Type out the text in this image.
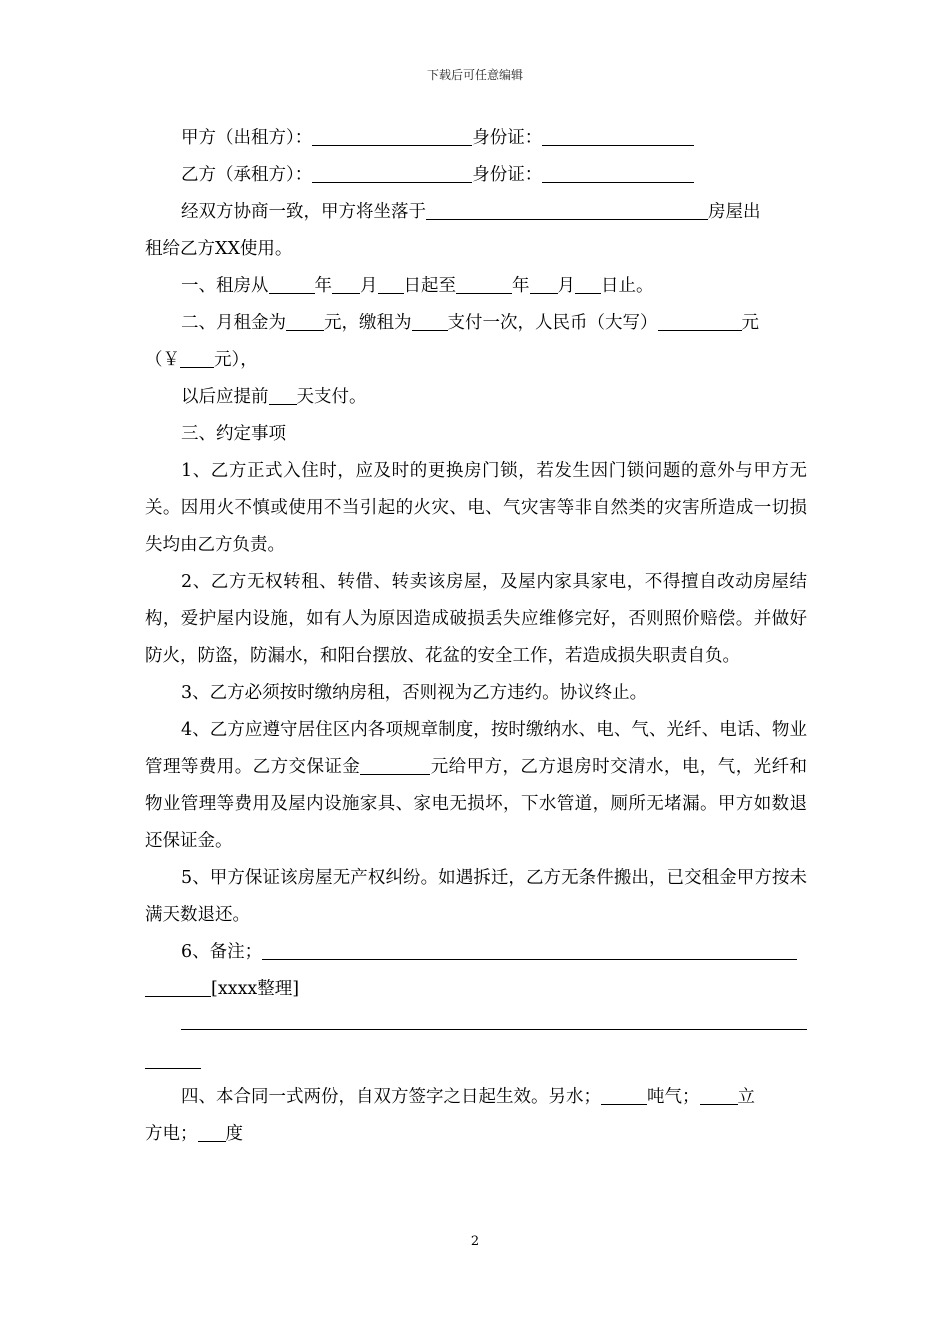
下载后可任意编辑

甲方（出租方）：	身份证：

乙方（承租方）：	身份证：

经双方协商一致，甲方将坐落于	房屋出

租给乙方XX使用。

一、租房从	年 月 日起至	年 月 日止。

二、月租金为 元，缴租为 支付一次，人民币（大写）	元

（￥ 元），

以后应提前 天支付。

三、约定事项

1、乙方正式入住时，应及时的更换房门锁，若发生因门锁问题的意外与甲方无关。因用火不慎或使用不当引起的火灾、电、气灾害等非自然类的灾害所造成一切损失均由乙方负责。

2、乙方无权转租、转借、转卖该房屋，及屋内家具家电，不得擅自改动房屋结构，爱护屋内设施，如有人为原因造成破损丢失应维修完好，否则照价赔偿。并做好防火，防盗，防漏水，和阳台摆放、花盆的安全工作，若造成损失职责自负。

3、乙方必须按时缴纳房租，否则视为乙方违约。协议终止。

4、乙方应遵守居住区内各项规章制度，按时缴纳水、电、气、光纤、电话、物业管理等费用。乙方交保证金	元给甲方，乙方退房时交清水，电，气，光纤和物业管理等费用及屋内设施家具、家电无损坏，下水管道，厕所无堵漏。甲方如数退还保证金。

5、甲方保证该房屋无产权纠纷。如遇拆迁，乙方无条件搬出，已交租金甲方按未满天数退还。

6、备注；

[xxxx整理]

四、本合同一式两份，自双方签字之日起生效。另水；	吨气； 立

方电； 度

2
